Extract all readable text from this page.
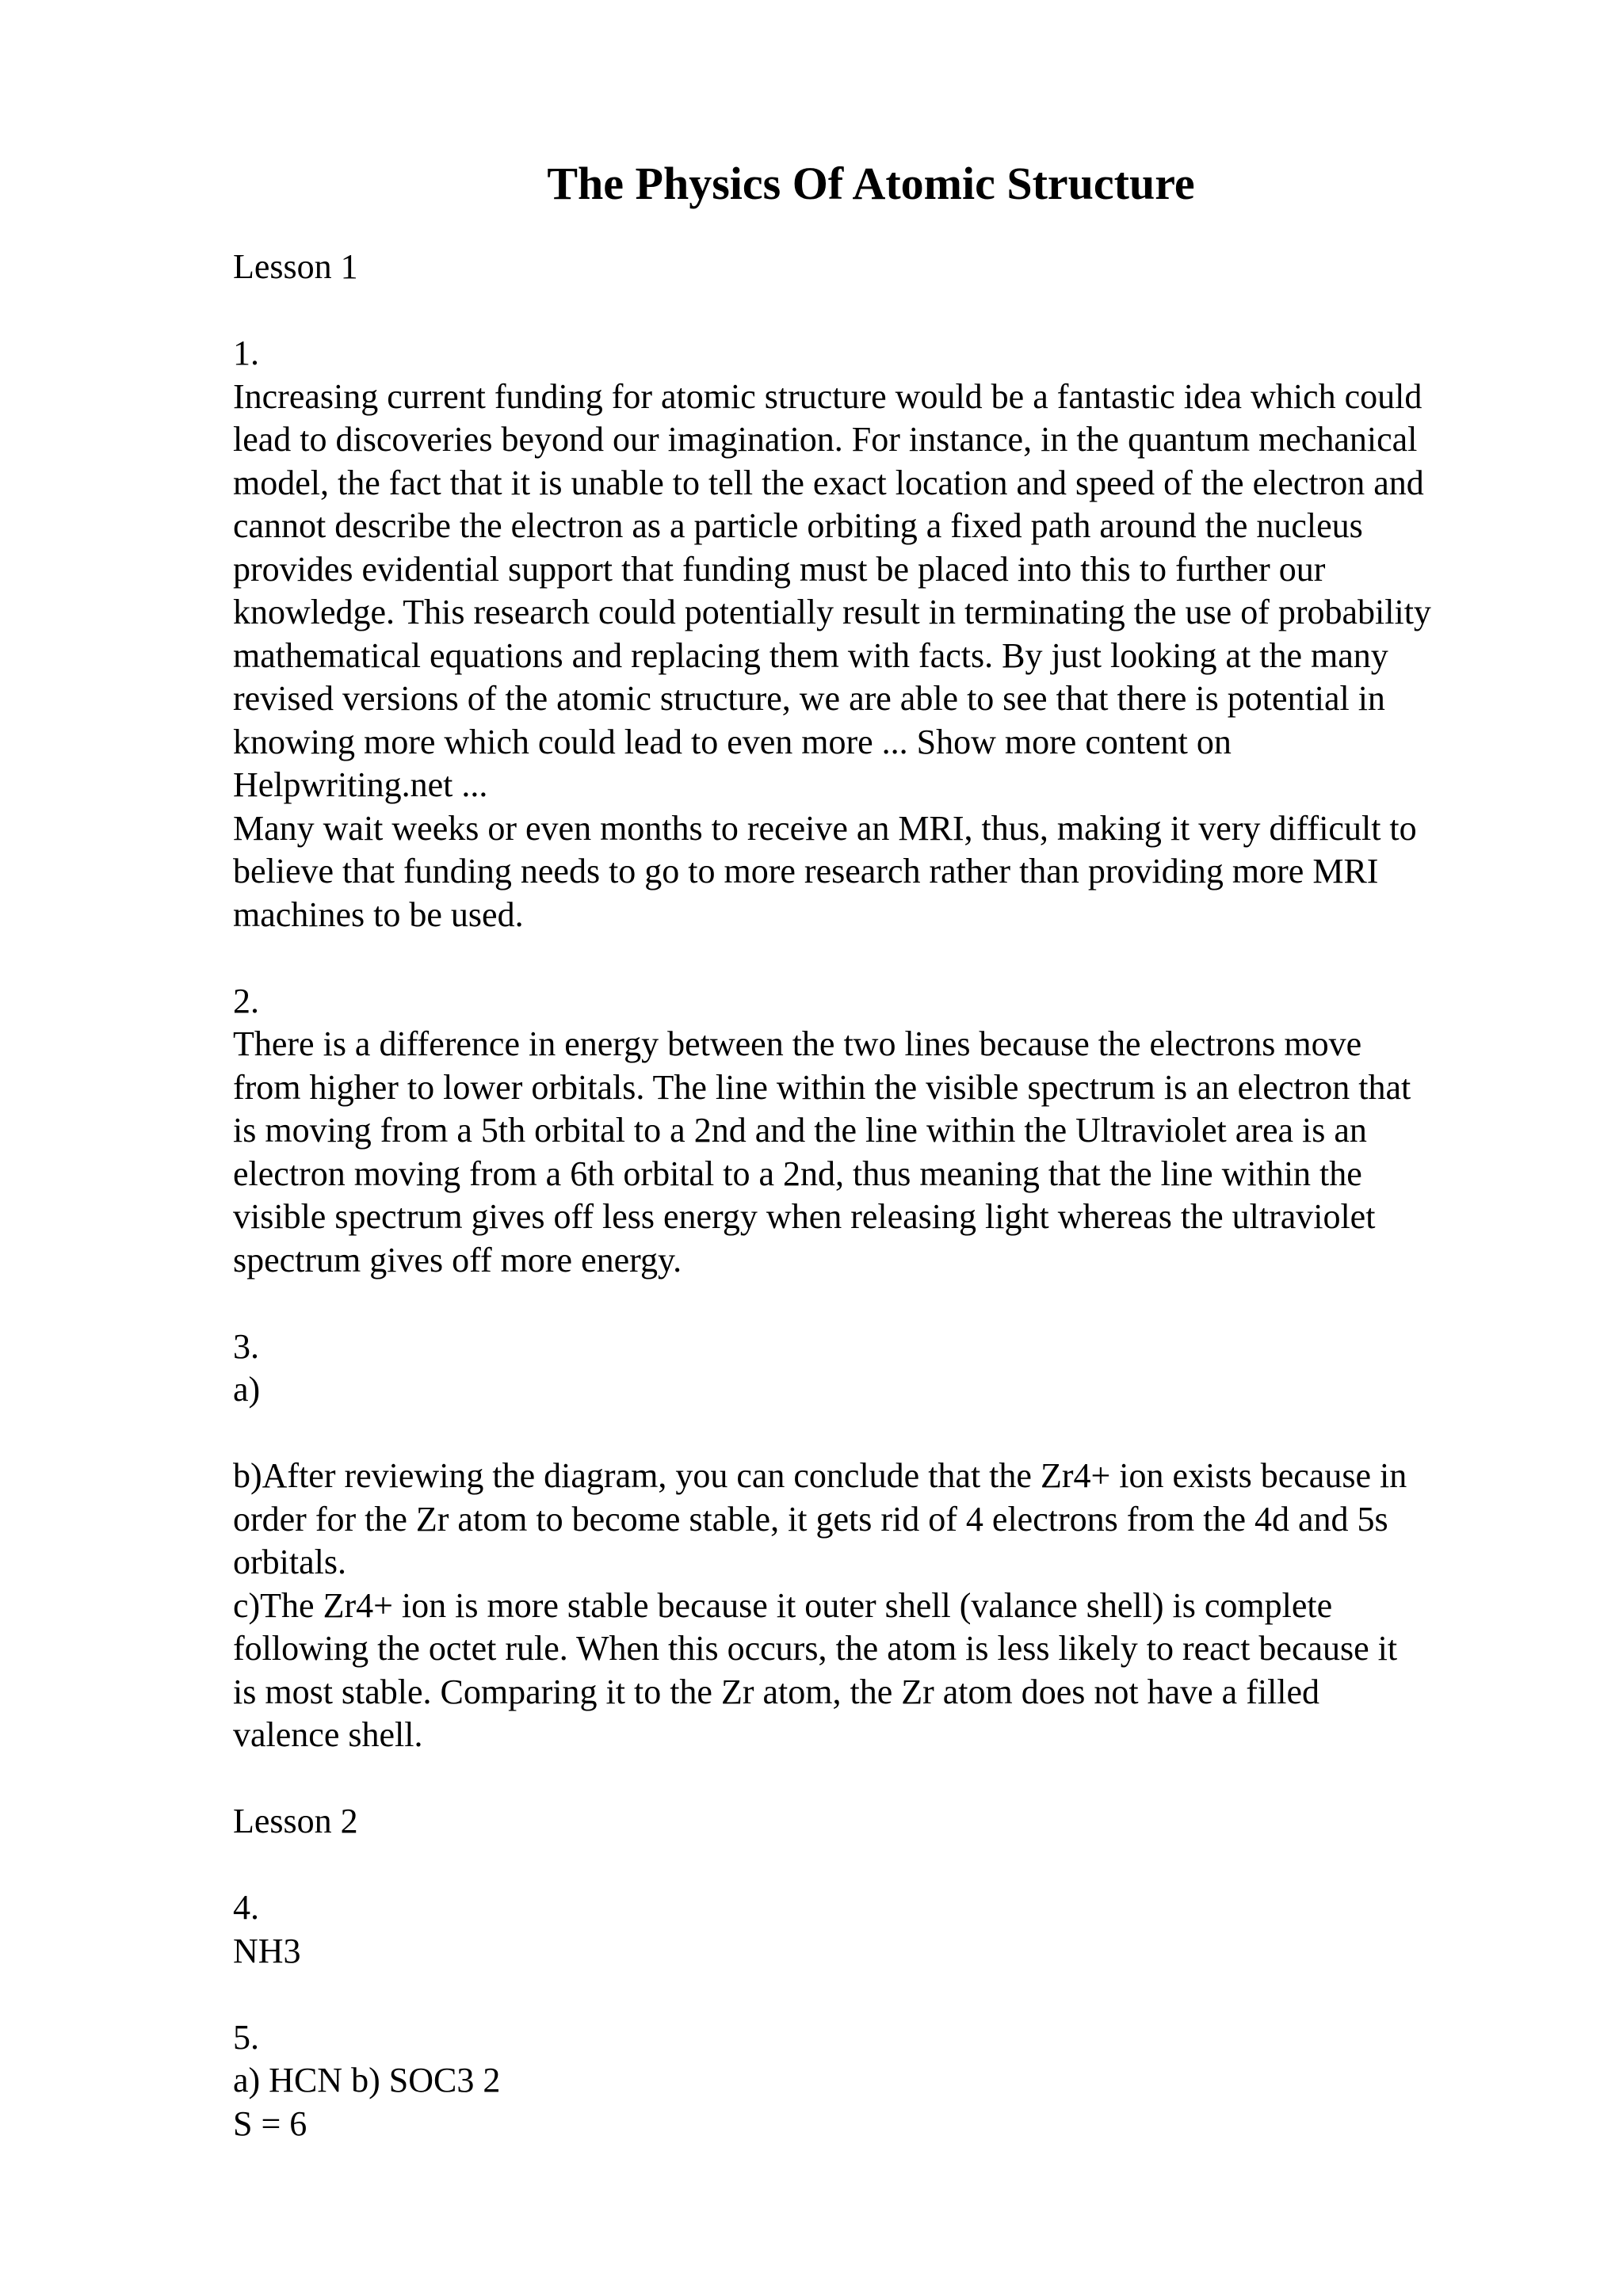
The Physics Of Atomic Structure

Lesson 1

1.

Increasing current funding for atomic structure would be a fantastic idea which could

lead to discoveries beyond our imagination. For instance, in the quantum mechanical

model, the fact that it is unable to tell the exact location and speed of the electron and

cannot describe the electron as a particle orbiting a fixed path around the nucleus

provides evidential support that funding must be placed into this to further our

knowledge. This research could potentially result in terminating the use of probability

mathematical equations and replacing them with facts. By just looking at the many

revised versions of the atomic structure, we are able to see that there is potential in

knowing more which could lead to even more ... Show more content on

Helpwriting.net ...

Many wait weeks or even months to receive an MRI, thus, making it very difficult to

believe that funding needs to go to more research rather than providing more MRI

machines to be used.

2.

There is a difference in energy between the two lines because the electrons move

from higher to lower orbitals. The line within the visible spectrum is an electron that

is moving from a 5th orbital to a 2nd and the line within the Ultraviolet area is an

electron moving from a 6th orbital to a 2nd, thus meaning that the line within the

visible spectrum gives off less energy when releasing light whereas the ultraviolet

spectrum gives off more energy.

3.

a)

b)After reviewing the diagram, you can conclude that the Zr4+ ion exists because in

order for the Zr atom to become stable, it gets rid of 4 electrons from the 4d and 5s

orbitals.

c)The Zr4+ ion is more stable because it outer shell (valance shell) is complete

following the octet rule. When this occurs, the atom is less likely to react because it

is most stable. Comparing it to the Zr atom, the Zr atom does not have a filled

valence shell.

Lesson 2

4.

NH3

5.

a) HCN b) SOC3 2

S = 6
